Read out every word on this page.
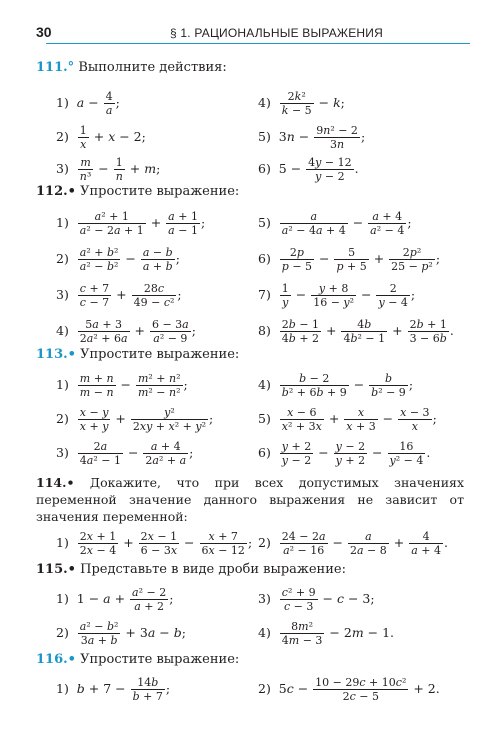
30	§ 1. РАЦИОНАЛЬНЫЕ ВЫРАЖЕНИЯ
111.° Выполните действия:
1)  $a - \frac{4}{a}$ ;
$2) \frac{1}{x} + x - 2$;
$3) \frac{m}{\text{n³}} - \frac{1}{n} + m$;
$4) \frac{\text{2k²}}{k - 5} - k$;
5)  $3n - \frac{\text{9n² − 2}}{3n}$ ;
6)  $5 - \frac{4y - 12}{y - 2}$ .
112.• Упростите выражение:
$1) \frac{\text{a² + 1}}{\text{a² − 2a + 1}} + \frac{a + 1}{a - 1}$ ;
$2) \frac{\text{a² + b²}}{\text{a² − b²}} - \frac{a - b}{a + b}$ ;
$3) \frac{c + 7}{c - 7} + \frac{28c}{\text{49 − c²}}$ ;
$4) \frac{5a + 3}{\text{2a² + 6a}} + \frac{6 - 3a}{\text{a² − 9}}$ ;
$5) \frac{a}{\text{a² − 4a + 4}} - \frac{a + 4}{\text{a² − 4}}$ ;
$6) \frac{2p}{p - 5} - \frac{5}{p + 5} + \frac{\text{2p²}}{\text{25 − p²}}$ ;
$7) \frac{1}{y} - \frac{y + 8}{\text{16 − y²}} - \frac{2}{y - 4}$ ;
$8) \frac{2b - 1}{4b + 2} + \frac{4b}{\text{4b² − 1}} + \frac{2b + 1}{3 - 6b}$ .
113.• Упростите выражение:
$1) \frac{m + n}{m - n} - \frac{\text{m² + n²}}{\text{m² − n²}}$ ;
$2) \frac{x - y}{x + y} + \frac{\text{y²}}{\text{2xy + x² + y²}}$ ;
$3) \frac{2a}{\text{4a² − 1}} - \frac{a + 4}{\text{2a² + a}}$ ;
$4) \frac{b - 2}{\text{b² + 6b + 9}} - \frac{b}{\text{b² − 9}}$ ;
$5) \frac{x - 6}{\text{x² + 3x}} + \frac{x}{x + 3} - \frac{x - 3}{x}$ ;
$6) \frac{y + 2}{y - 2} - \frac{y - 2}{y + 2} - \frac{16}{\text{y² − 4}}$ .
114.• Докажите, что при всех допустимых значениях переменной значение данного выражения не зависит от значения переменной:
$1) \frac{2x + 1}{2x - 4} + \frac{2x - 1}{6 - 3x} - \frac{x + 7}{6x - 12}$ ; $2) \frac{24 - 2a}{\text{a² − 16}} - \frac{a}{2a - 8} + \frac{4}{a + 4}$ .
115.• Представьте в виде дроби выражение:
1)  $1 - a + \frac{\text{a² − 2}}{a + 2}$ ;
$2) \frac{\text{a² − b²}}{3a + b} + 3a - b$;
$3) \frac{\text{c² + 9}}{c - 3} - c - 3$;
$4) \frac{\text{8m²}}{4m - 3} - 2m - 1$.
116.• Упростите выражение:
1)  $b + 7 - \frac{14b}{b + 7}$ ;	2)  $5c - \frac{\text{10 − 29c + 10c²}}{2c - 5} + 2$.
